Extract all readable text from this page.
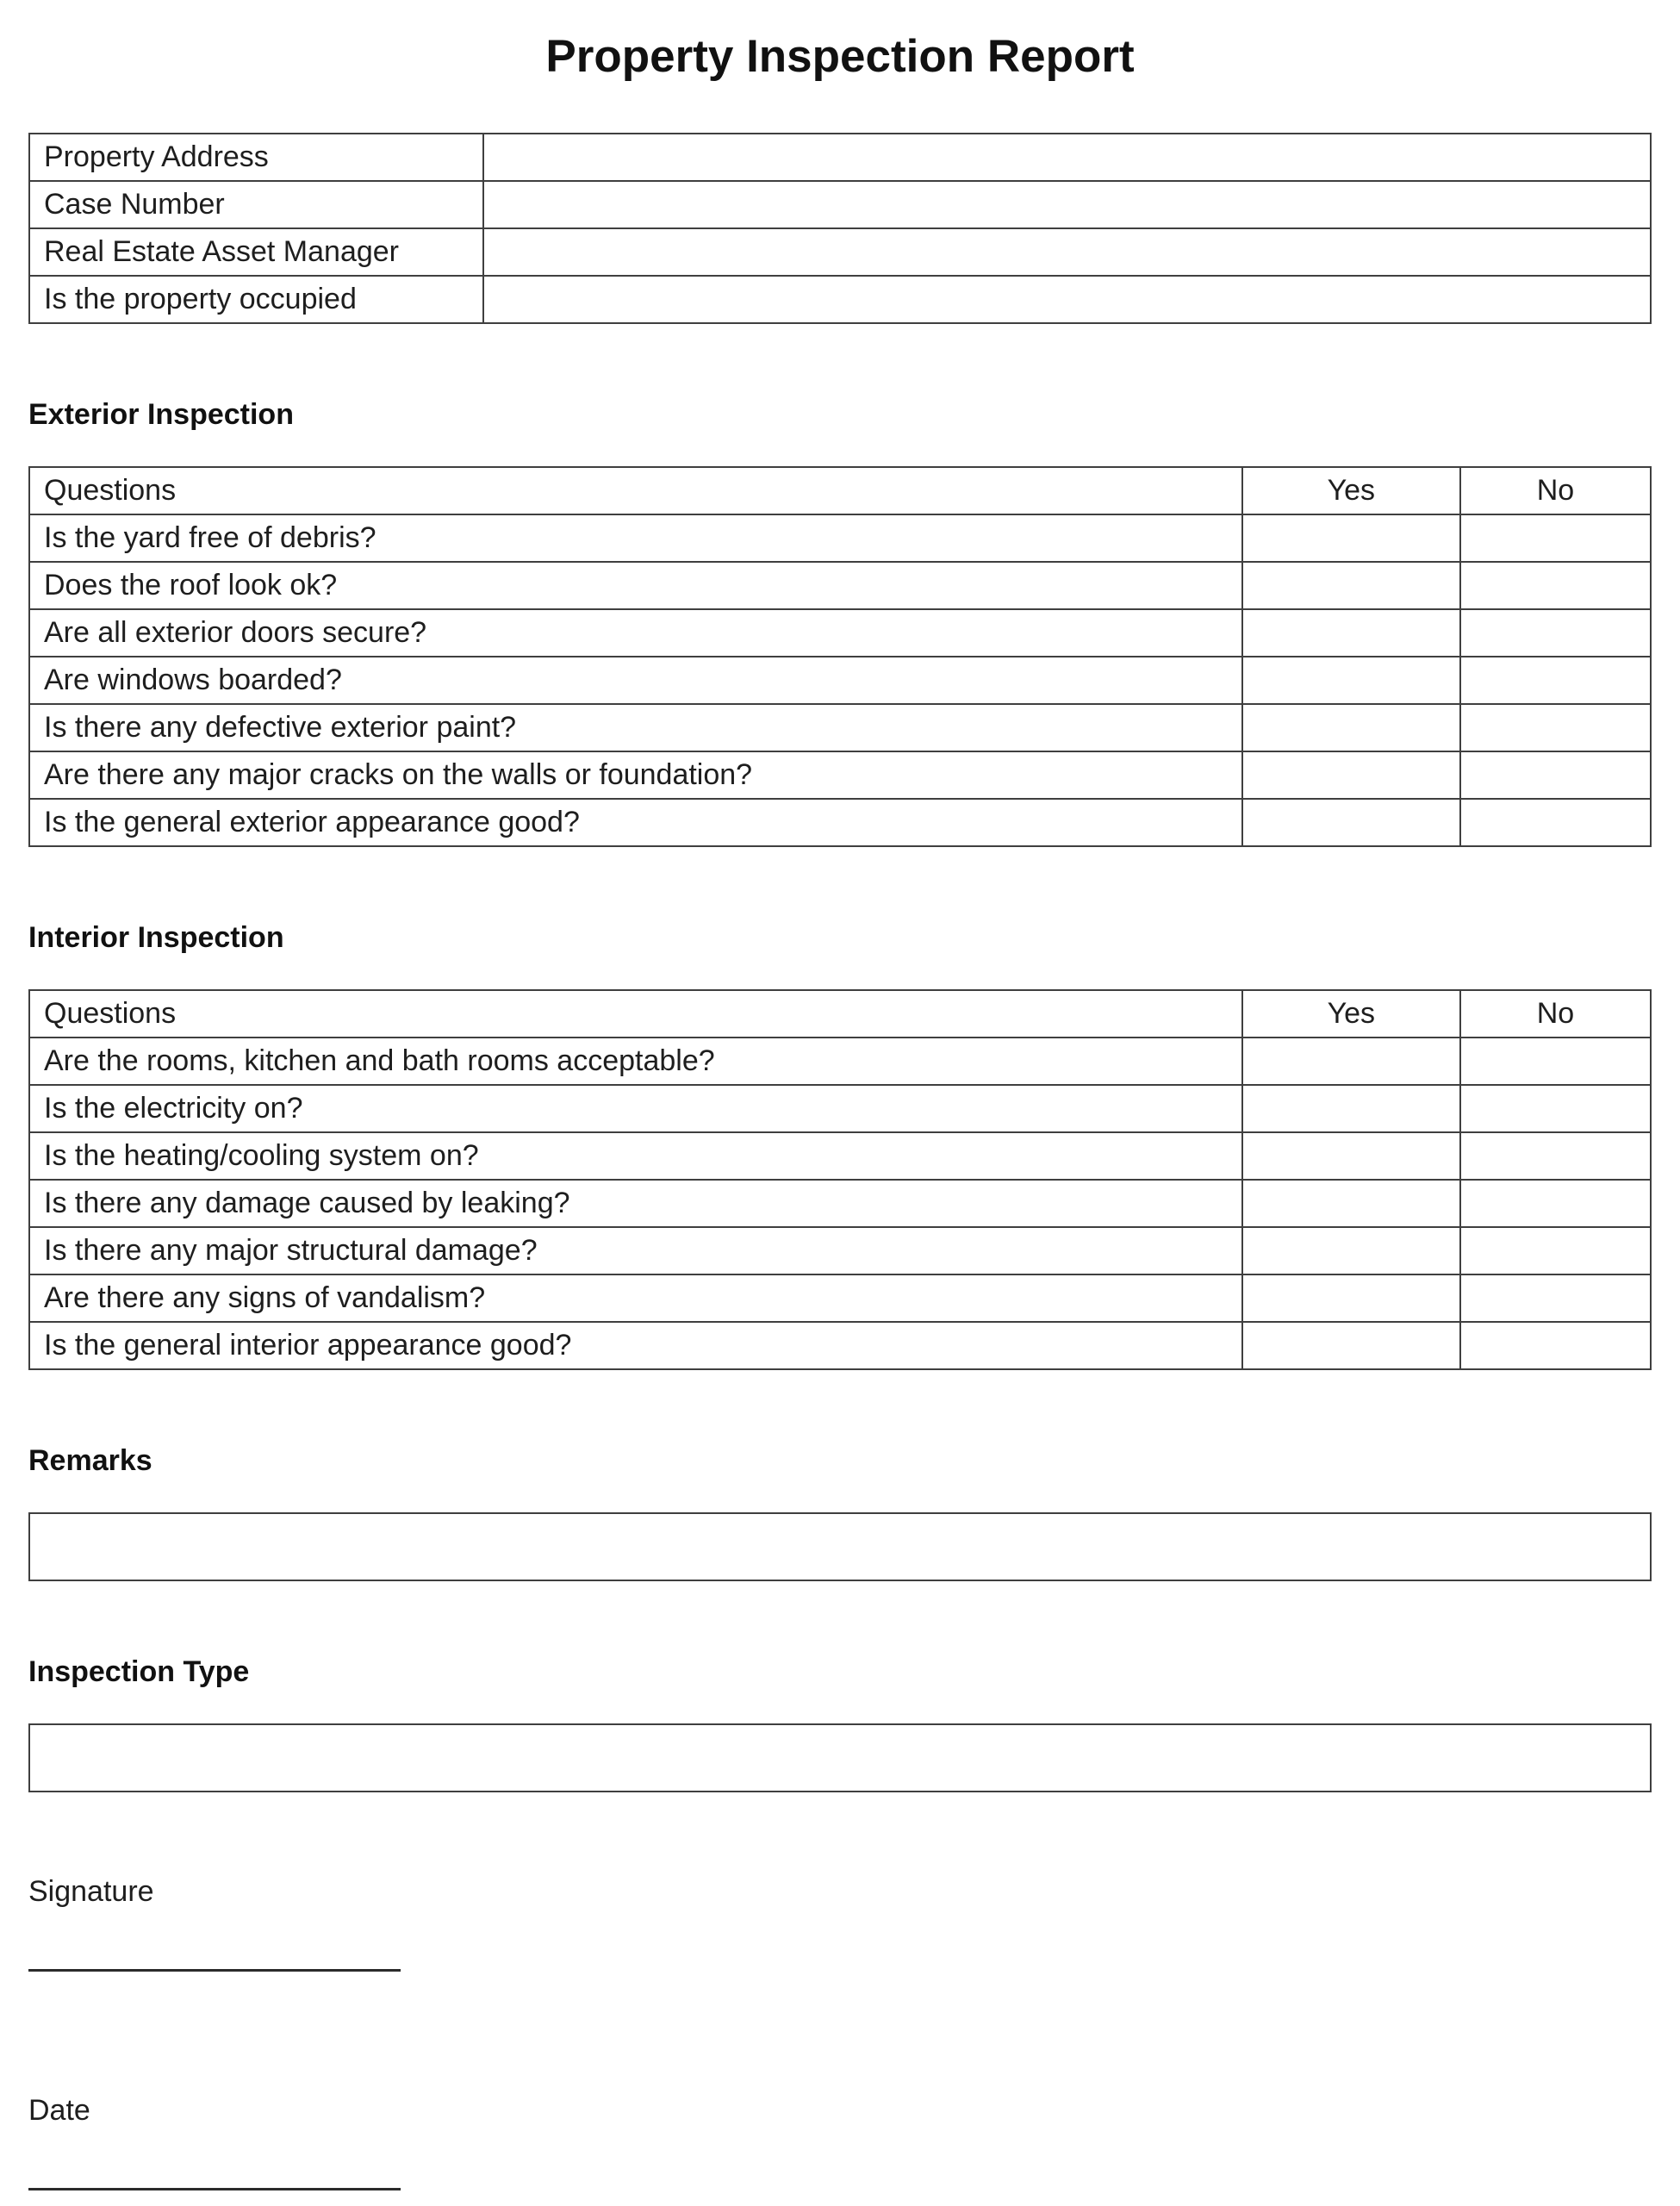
Property Inspection Report
Property Address	
Case Number	
Real Estate Asset Manager	
Is the property occupied	
Exterior Inspection
Questions	Yes	No
Is the yard free of debris?		
Does the roof look ok?		
Are all exterior doors secure?		
Are windows boarded?		
Is there any defective exterior paint?		
Are there any major cracks on the walls or foundation?		
Is the general exterior appearance good?		
Interior Inspection
Questions	Yes	No
Are the rooms, kitchen and bath rooms acceptable?		
Is the electricity on?		
Is the heating/cooling system on?		
Is there any damage caused by leaking?		
Is there any major structural damage?		
Are there any signs of vandalism?		
Is the general interior appearance good?		
Remarks
Inspection Type
Signature
Date
